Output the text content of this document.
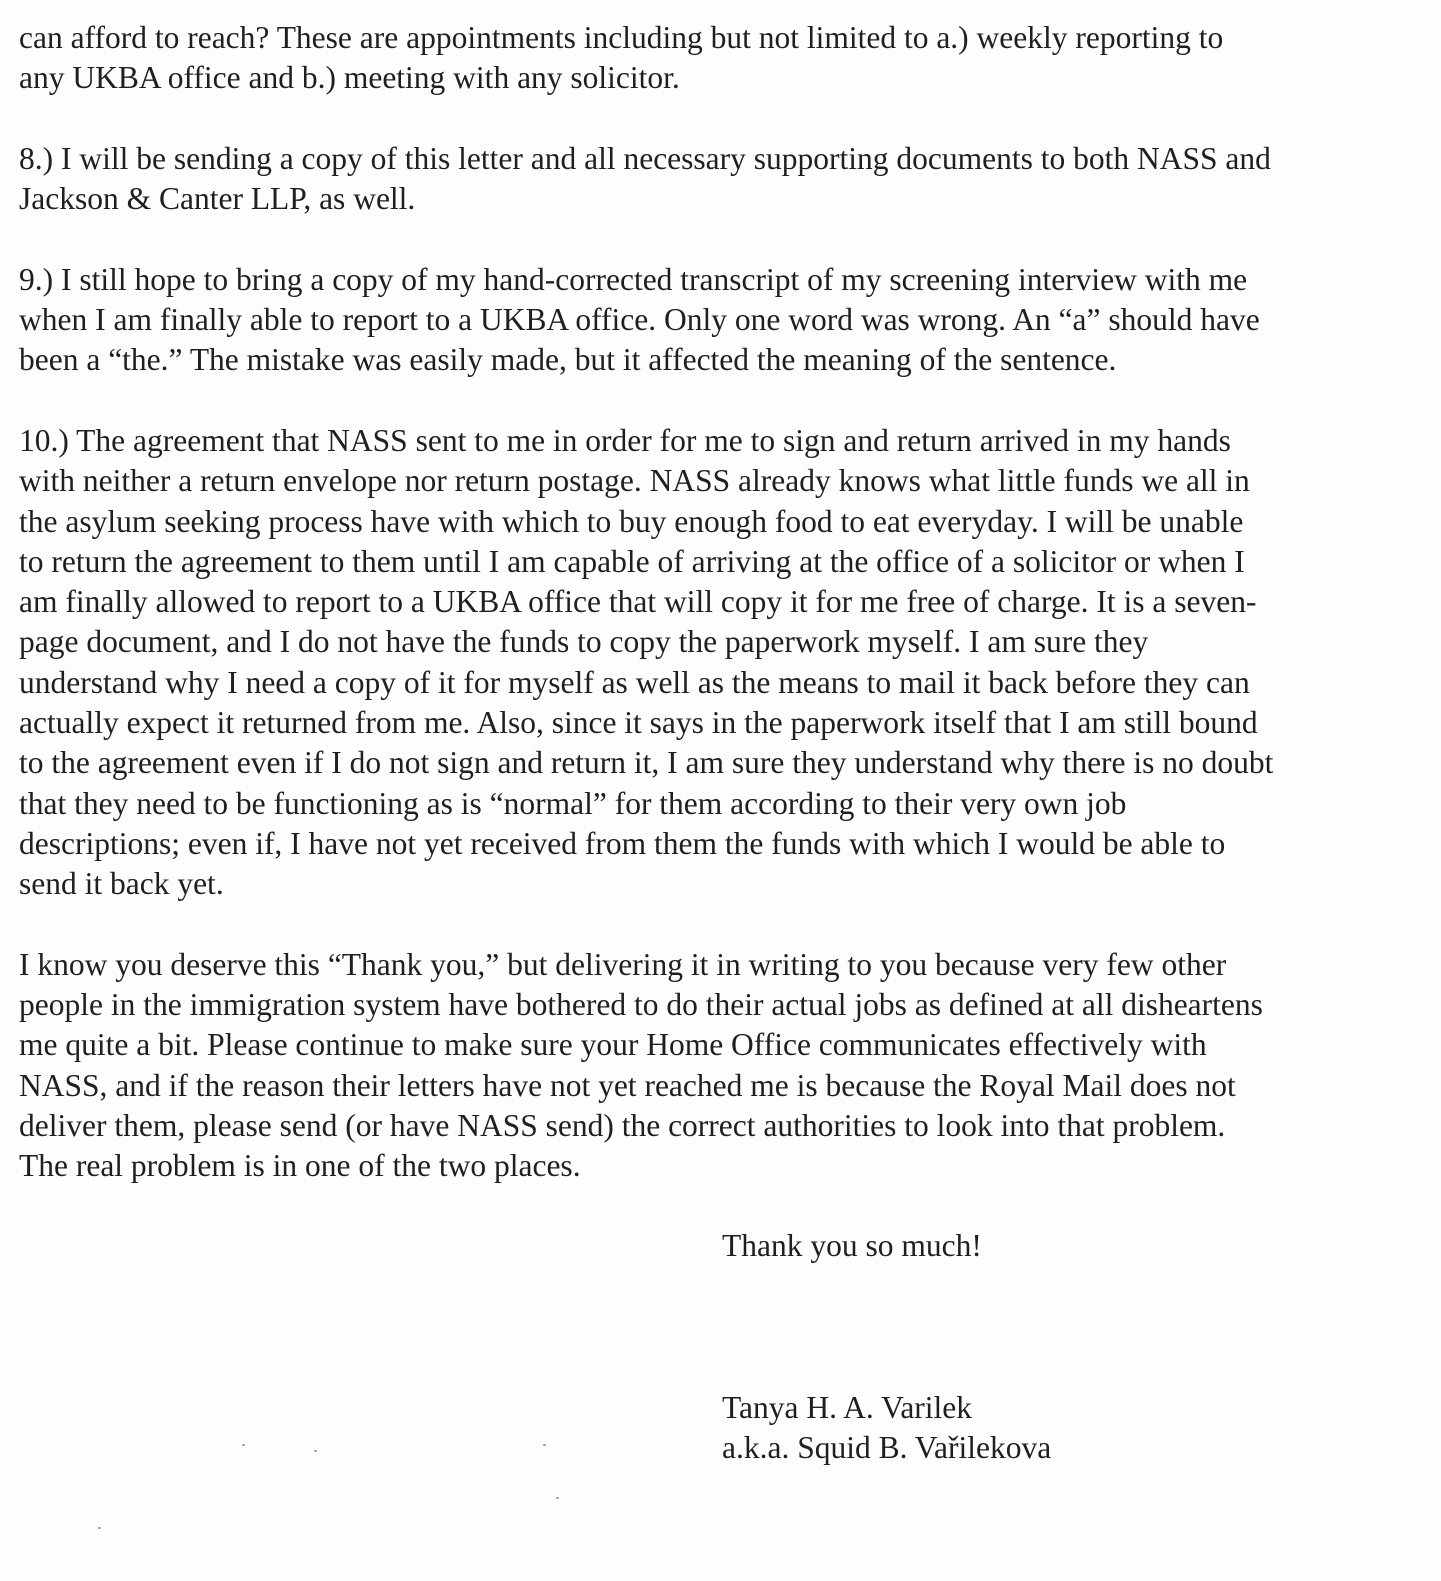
can afford to reach? These are appointments including but not limited to a.) weekly reporting to
any UKBA office and b.) meeting with any solicitor.

8.) I will be sending a copy of this letter and all necessary supporting documents to both NASS and
Jackson & Canter LLP, as well.

9.) I still hope to bring a copy of my hand-corrected transcript of my screening interview with me
when I am finally able to report to a UKBA office. Only one word was wrong. An “a” should have
been a “the.” The mistake was easily made, but it affected the meaning of the sentence.

10.) The agreement that NASS sent to me in order for me to sign and return arrived in my hands
with neither a return envelope nor return postage. NASS already knows what little funds we all in
the asylum seeking process have with which to buy enough food to eat everyday. I will be unable
to return the agreement to them until I am capable of arriving at the office of a solicitor or when I
am finally allowed to report to a UKBA office that will copy it for me free of charge. It is a seven-
page document, and I do not have the funds to copy the paperwork myself. I am sure they
understand why I need a copy of it for myself as well as the means to mail it back before they can
actually expect it returned from me. Also, since it says in the paperwork itself that I am still bound
to the agreement even if I do not sign and return it, I am sure they understand why there is no doubt
that they need to be functioning as is “normal” for them according to their very own job
descriptions; even if, I have not yet received from them the funds with which I would be able to
send it back yet.

I know you deserve this “Thank you,” but delivering it in writing to you because very few other
people in the immigration system have bothered to do their actual jobs as defined at all disheartens
me quite a bit. Please continue to make sure your Home Office communicates effectively with
NASS, and if the reason their letters have not yet reached me is because the Royal Mail does not
deliver them, please send (or have NASS send) the correct authorities to look into that problem.
The real problem is in one of the two places.

Thank you so much!

Tanya H. A. Varilek
a.k.a. Squid B. Vařilekova
